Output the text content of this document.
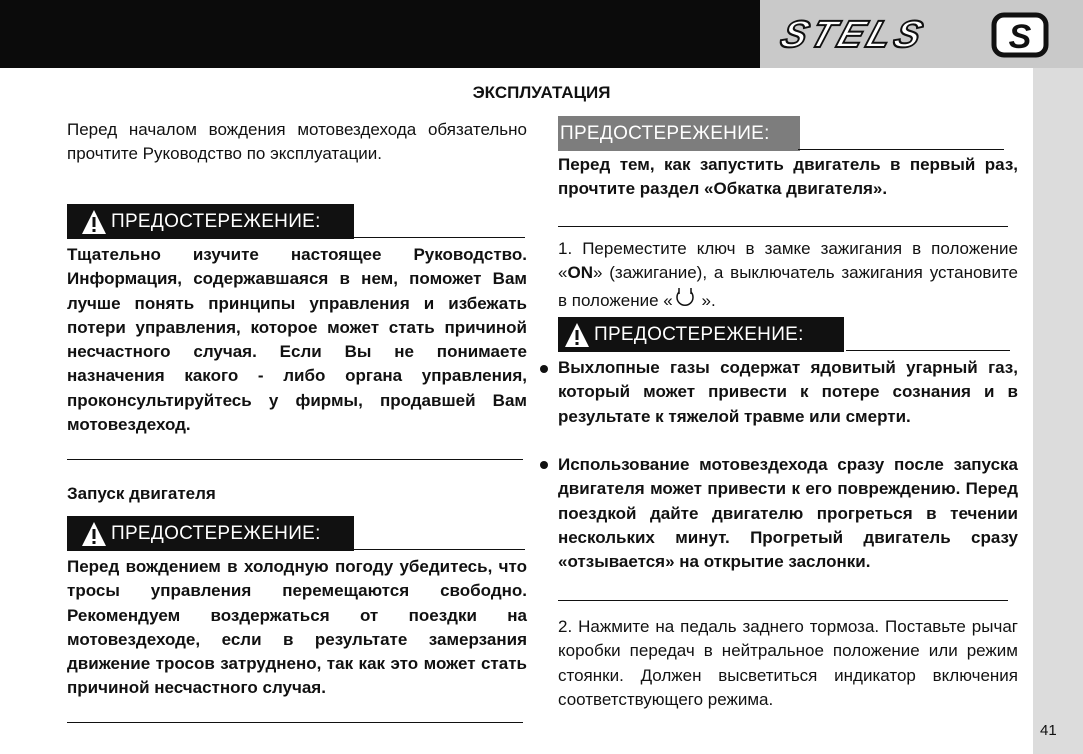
STELS S
ЭКСПЛУАТАЦИЯ

Перед началом вождения мотовездехода обязательно прочтите Руководство по эксплуатации.

ПРЕДОСТЕРЕЖЕНИЕ:

Тщательно изучите настоящее Руководство. Информация, содержавшаяся в нем, поможет Вам лучше понять принципы управления и избежать потери управления, которое может стать причиной несчастного случая. Если Вы не понимаете назначения какого - либо органа управления, проконсультируйтесь у фирмы, продавшей Вам мотовездеход.

Запуск двигателя
ПРЕДОСТЕРЕЖЕНИЕ:

Перед вождением в холодную погоду убедитесь, что тросы управления перемещаются свободно. Рекомендуем воздержаться от поездки на мотовездеходе, если в результате замерзания движение тросов затруднено, так как это может стать причиной несчастного случая.

ПРЕДОСТЕРЕЖЕНИЕ:

Перед тем, как запустить двигатель в первый раз, прочтите раздел «Обкатка двигателя».

1. Переместите ключ в замке зажигания в положение «ON» (зажигание), а выключатель зажигания установите в положение « ».

ПРЕДОСТЕРЕЖЕНИЕ:

Выхлопные газы содержат ядовитый угарный газ, который может привести к потере сознания и в результате к тяжелой травме или смерти.

Использование мотовездехода сразу после запуска двигателя может привести к его повреждению. Перед поездкой дайте двигателю прогреться в течении нескольких минут. Прогретый двигатель сразу «отзывается» на открытие заслонки.

2. Нажмите на педаль заднего тормоза. Поставьте рычаг коробки передач в нейтральное положение или режим стоянки. Должен высветиться индикатор включения соответствующего режима.

41
